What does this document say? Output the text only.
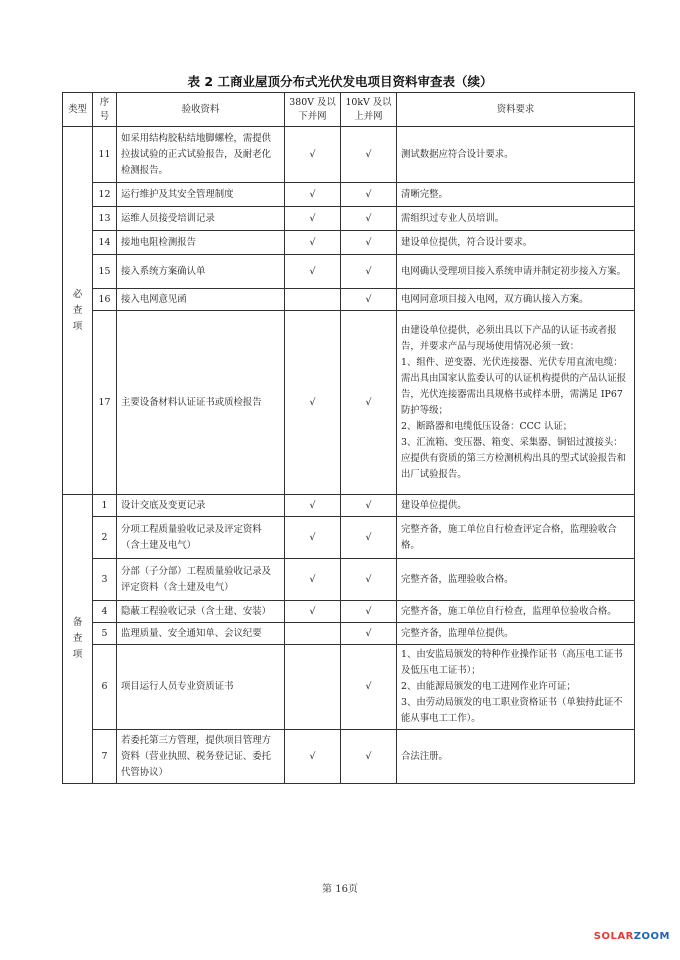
表 2 工商业屋顶分布式光伏发电项目资料审查表（续）
类型	序号	验收资料	380V 及以下并网	10kV 及以上并网	资料要求
必查项	11	如采用结构胶粘结地脚螺栓，需提供拉拔试验的正式试验报告，及耐老化检测报告。	√	√	测试数据应符合设计要求。

	12	运行维护及其安全管理制度	√	√	清晰完整。

	13	运维人员接受培训记录	√	√	需组织过专业人员培训。

	14	接地电阻检测报告	√	√	建设单位提供，符合设计要求。

	15	接入系统方案确认单	√	√	电网确认受理项目接入系统申请并制定初步接入方案。

	16	接入电网意见函		√	电网同意项目接入电网，双方确认接入方案。

	17	主要设备材料认证证书或质检报告	√	√	由建设单位提供，必须出具以下产品的认证书或者报告，并要求产品与现场使用情况必须一致：
1、组件、逆变器、光伏连接器、光伏专用直流电缆：需出具由国家认监委认可的认证机构提供的产品认证报告，光伏连接器需出具规格书或样本册，需满足 IP67 防护等级；
2、断路器和电缆低压设备：CCC 认证；
3、汇流箱、变压器、箱变、采集器、铜铝过渡接头：应提供有资质的第三方检测机构出具的型式试验报告和出厂试验报告。

备查项	1	设计交底及变更记录	√	√	建设单位提供。

	2	分项工程质量验收记录及评定资料（含土建及电气）	√	√	完整齐备，施工单位自行检查评定合格，监理验收合格。

	3	分部（子分部）工程质量验收记录及评定资料（含土建及电气）	√	√	完整齐备，监理验收合格。

	4	隐蔽工程验收记录（含土建、安装）	√	√	完整齐备，施工单位自行检查，监理单位验收合格。

	5	监理质量、安全通知单、会议纪要		√	完整齐备，监理单位提供。

	6	项目运行人员专业资质证书		√	1、由安监局颁发的特种作业操作证书（高压电工证书及低压电工证书）；
2、由能源局颁发的电工进网作业许可证；
3、由劳动局颁发的电工职业资格证书（单独持此证不能从事电工工作）。

	7	若委托第三方管理，提供项目管理方资料（营业执照、税务登记证、委托代管协议）	√	√	合法注册。
第 16页
SOLARZOOM
